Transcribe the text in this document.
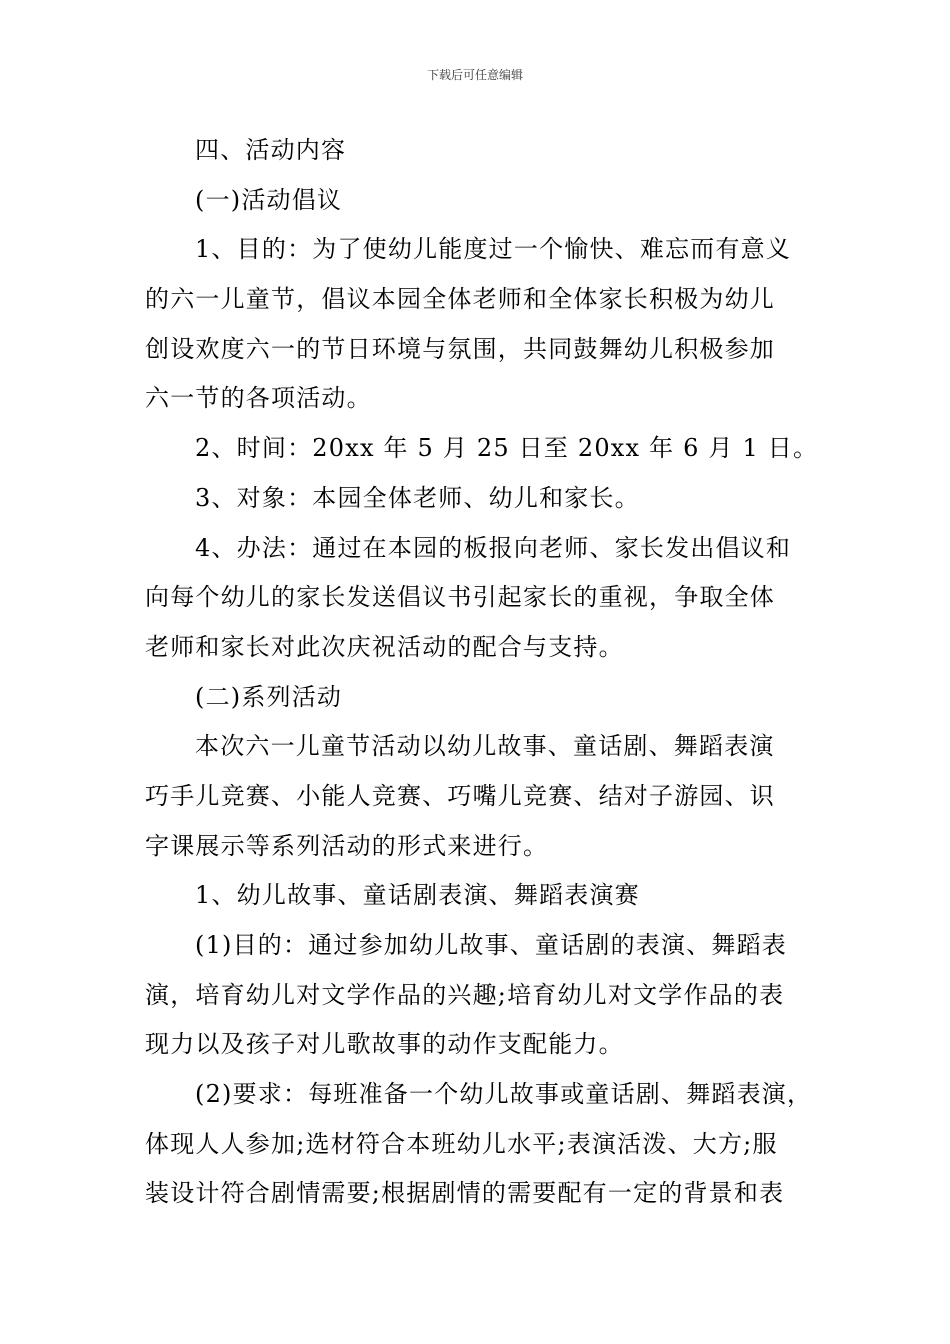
下载后可任意编辑
四、活动内容
(一)活动倡议
1、目的：为了使幼儿能度过一个愉快、难忘而有意义
的六一儿童节，倡议本园全体老师和全体家长积极为幼儿
创设欢度六一的节日环境与氛围，共同鼓舞幼儿积极参加
六一节的各项活动。
2、时间：20xx 年 5 月 25 日至 20xx 年 6 月 1 日。
3、对象：本园全体老师、幼儿和家长。
4、办法：通过在本园的板报向老师、家长发出倡议和
向每个幼儿的家长发送倡议书引起家长的重视，争取全体
老师和家长对此次庆祝活动的配合与支持。
(二)系列活动
本次六一儿童节活动以幼儿故事、童话剧、舞蹈表演
巧手儿竞赛、小能人竞赛、巧嘴儿竞赛、结对子游园、识
字课展示等系列活动的形式来进行。
1、幼儿故事、童话剧表演、舞蹈表演赛
(1)目的：通过参加幼儿故事、童话剧的表演、舞蹈表
演，培育幼儿对文学作品的兴趣;培育幼儿对文学作品的表
现力以及孩子对儿歌故事的动作支配能力。
(2)要求：每班准备一个幼儿故事或童话剧、舞蹈表演，
体现人人参加;选材符合本班幼儿水平;表演活泼、大方;服
装设计符合剧情需要;根据剧情的需要配有一定的背景和表
